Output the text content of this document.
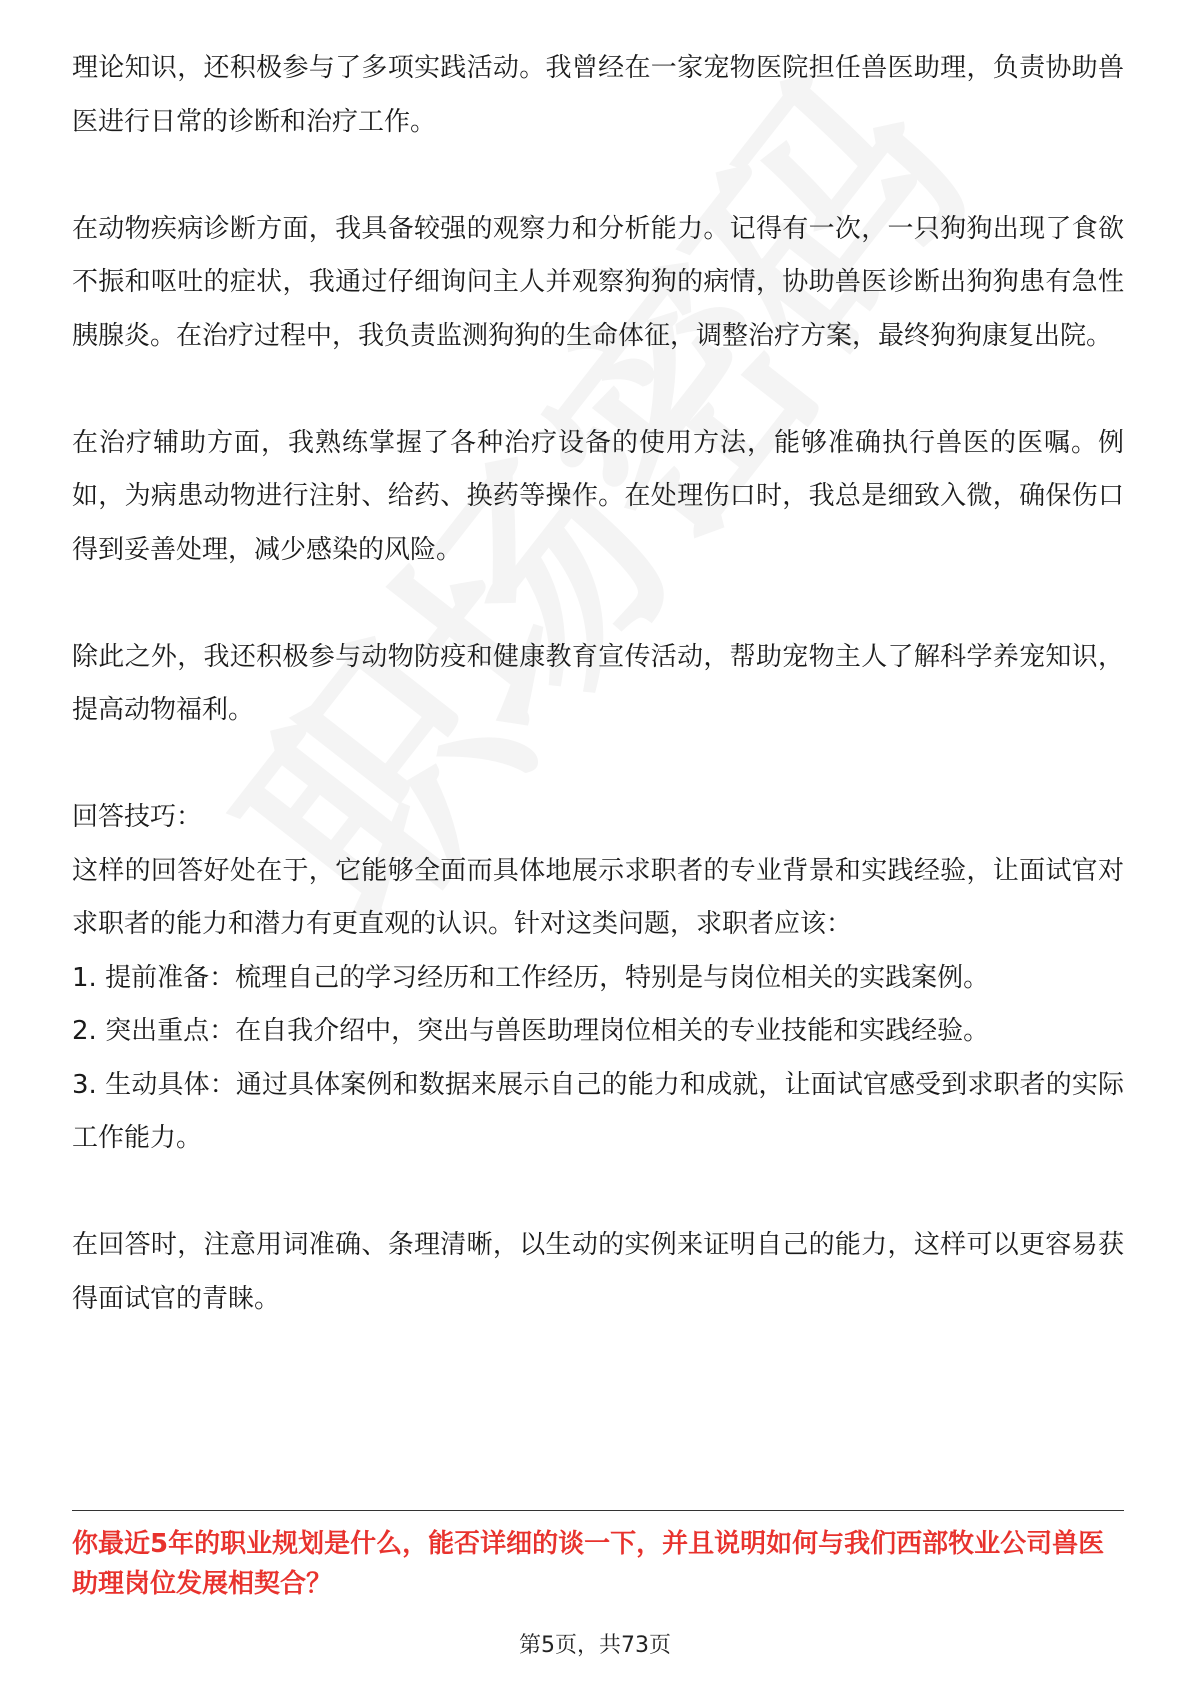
理论知识，还积极参与了多项实践活动。我曾经在一家宠物医院担任兽医助理，负责协助兽医进行日常的诊断和治疗工作。

在动物疾病诊断方面，我具备较强的观察力和分析能力。记得有一次，一只狗狗出现了食欲不振和呕吐的症状，我通过仔细询问主人并观察狗狗的病情，协助兽医诊断出狗狗患有急性胰腺炎。在治疗过程中，我负责监测狗狗的生命体征，调整治疗方案，最终狗狗康复出院。

在治疗辅助方面，我熟练掌握了各种治疗设备的使用方法，能够准确执行兽医的医嘱。例如，为病患动物进行注射、给药、换药等操作。在处理伤口时，我总是细致入微，确保伤口得到妥善处理，减少感染的风险。

除此之外，我还积极参与动物防疫和健康教育宣传活动，帮助宠物主人了解科学养宠知识，提高动物福利。

回答技巧：

这样的回答好处在于，它能够全面而具体地展示求职者的专业背景和实践经验，让面试官对求职者的能力和潜力有更直观的认识。针对这类问题，求职者应该：

1. 提前准备：梳理自己的学习经历和工作经历，特别是与岗位相关的实践案例。
2. 突出重点：在自我介绍中，突出与兽医助理岗位相关的专业技能和实践经验。
3. 生动具体：通过具体案例和数据来展示自己的能力和成就，让面试官感受到求职者的实际工作能力。

在回答时，注意用词准确、条理清晰，以生动的实例来证明自己的能力，这样可以更容易获得面试官的青睐。

你最近5年的职业规划是什么，能否详细的谈一下，并且说明如何与我们西部牧业公司兽医助理岗位发展相契合？

第5页，共73页
